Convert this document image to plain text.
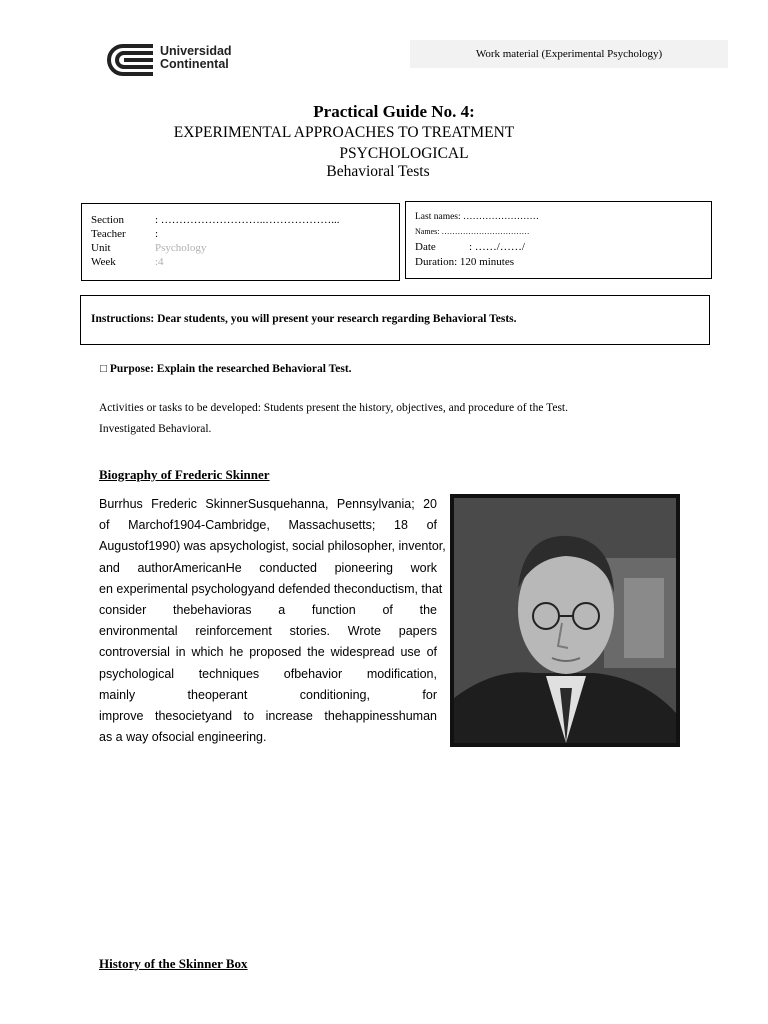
Universidad
Continental
Work material (Experimental Psychology)
Practical Guide No. 4:
EXPERIMENTAL APPROACHES TO TREATMENT
PSYCHOLOGICAL
Behavioral Tests
Section	: ………………………..………………...
Teacher	:
Unit	Psychology
Week	:4
Last names: ……………………
Names: ……………………………
Date	: ……/……/
Duration: 120 minutes
Instructions: Dear students, you will present your research regarding Behavioral Tests.
□ Purpose: Explain the researched Behavioral Test.
Activities or tasks to be developed: Students present the history, objectives, and procedure of the Test.
Investigated Behavioral.
Biography of Frederic Skinner
Burrhus Frederic SkinnerSusquehanna, Pennsylvania; 20
of Marchof1904-Cambridge, Massachusetts; 18 of
Augustof1990) was apsychologist, social philosopher, inventor,
and authorAmericanHe conducted pioneering work
en experimental psychologyand defended theconductism, that
consider thebehavioras a function of the
environmental reinforcement stories. Wrote papers
controversial in which he proposed the widespread use of
psychological techniques ofbehavior modification,
mainly theoperant conditioning, for
improve thesocietyand to increase thehappinesshuman
as a way ofsocial engineering.
History of the Skinner Box
